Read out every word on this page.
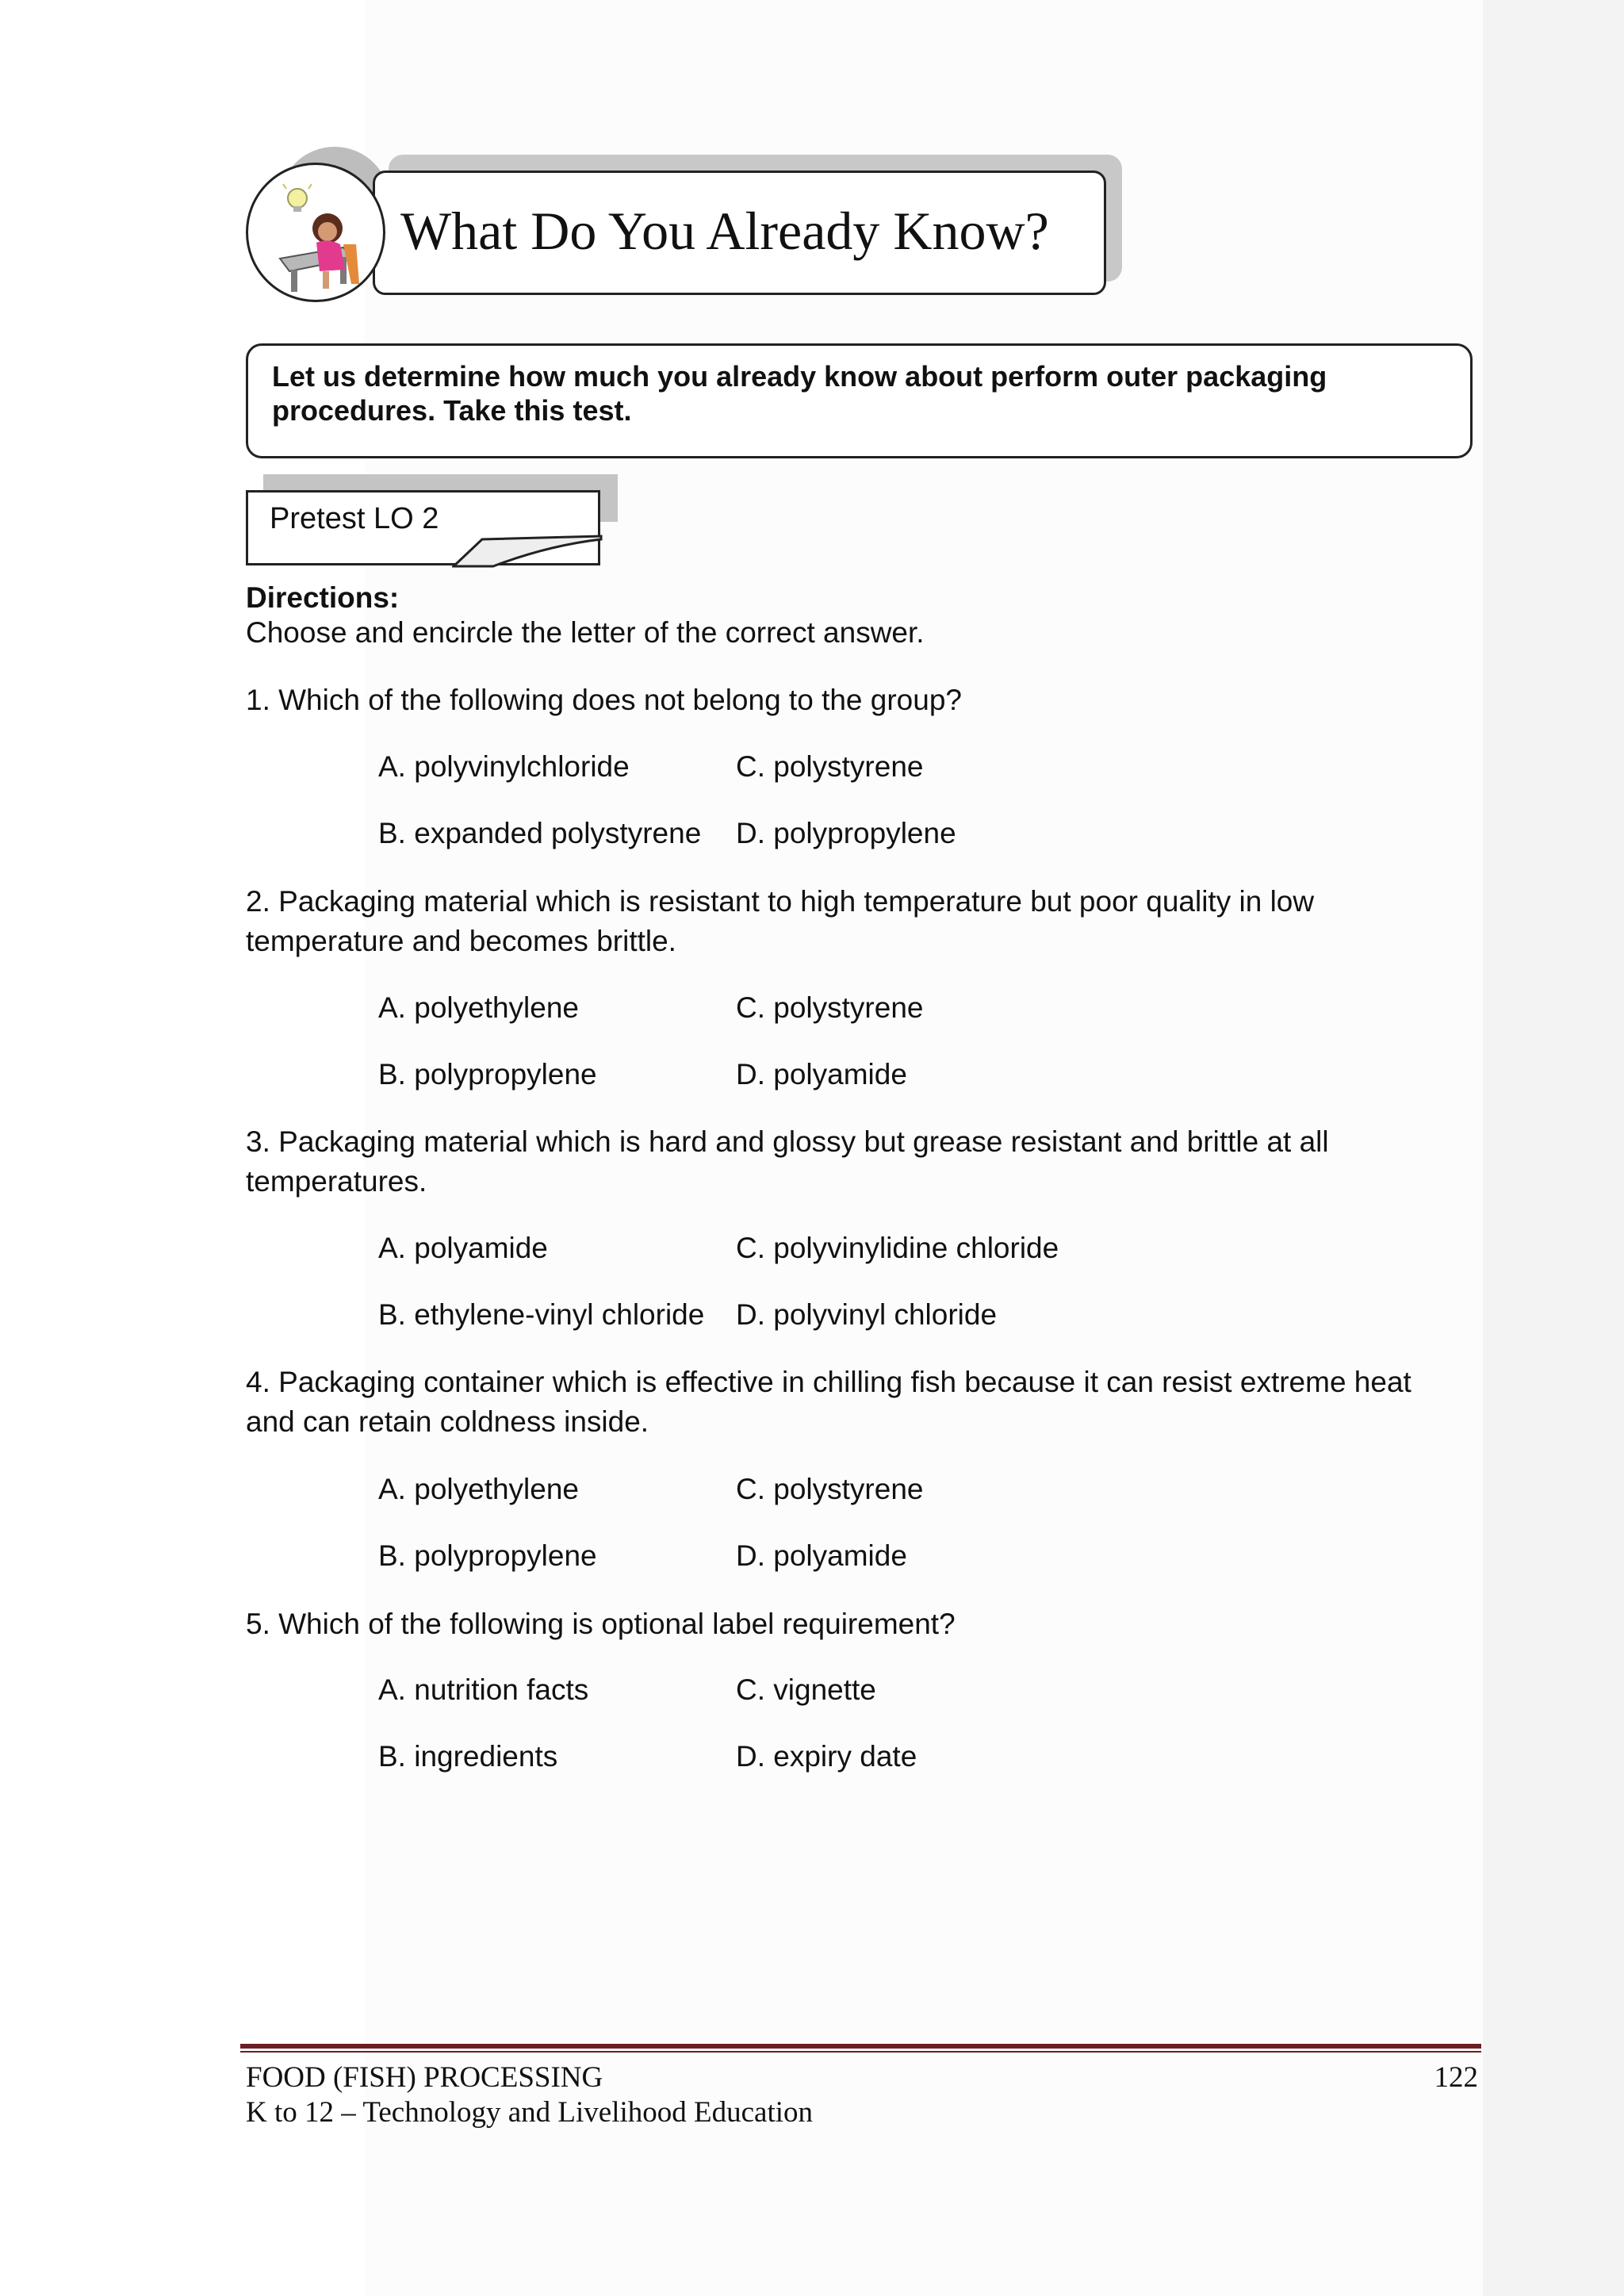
What Do You Already Know?
Let us determine how much you already know about perform outer packaging procedures. Take this test.
Pretest LO 2
Directions:
Choose and encircle the letter of the correct answer.
1. Which of the following does not belong to the group?
A. polyvinylchloride	C. polystyrene
B. expanded polystyrene D. polypropylene
2. Packaging material which is resistant to high temperature but poor quality in low temperature and becomes brittle.
A. polyethylene	C. polystyrene
B. polypropylene	D. polyamide
3. Packaging material which is hard and glossy but grease resistant and brittle at all temperatures.
A. polyamide	C. polyvinylidine chloride
B. ethylene-vinyl chloride D. polyvinyl chloride
4. Packaging container which is effective in chilling fish because it can resist extreme heat and can retain coldness inside.
A. polyethylene	C. polystyrene
B. polypropylene	D. polyamide
5. Which of the following is optional label requirement?
A. nutrition facts	C. vignette
B. ingredients	D. expiry date
FOOD (FISH) PROCESSING	122
K to 12 – Technology and Livelihood Education
